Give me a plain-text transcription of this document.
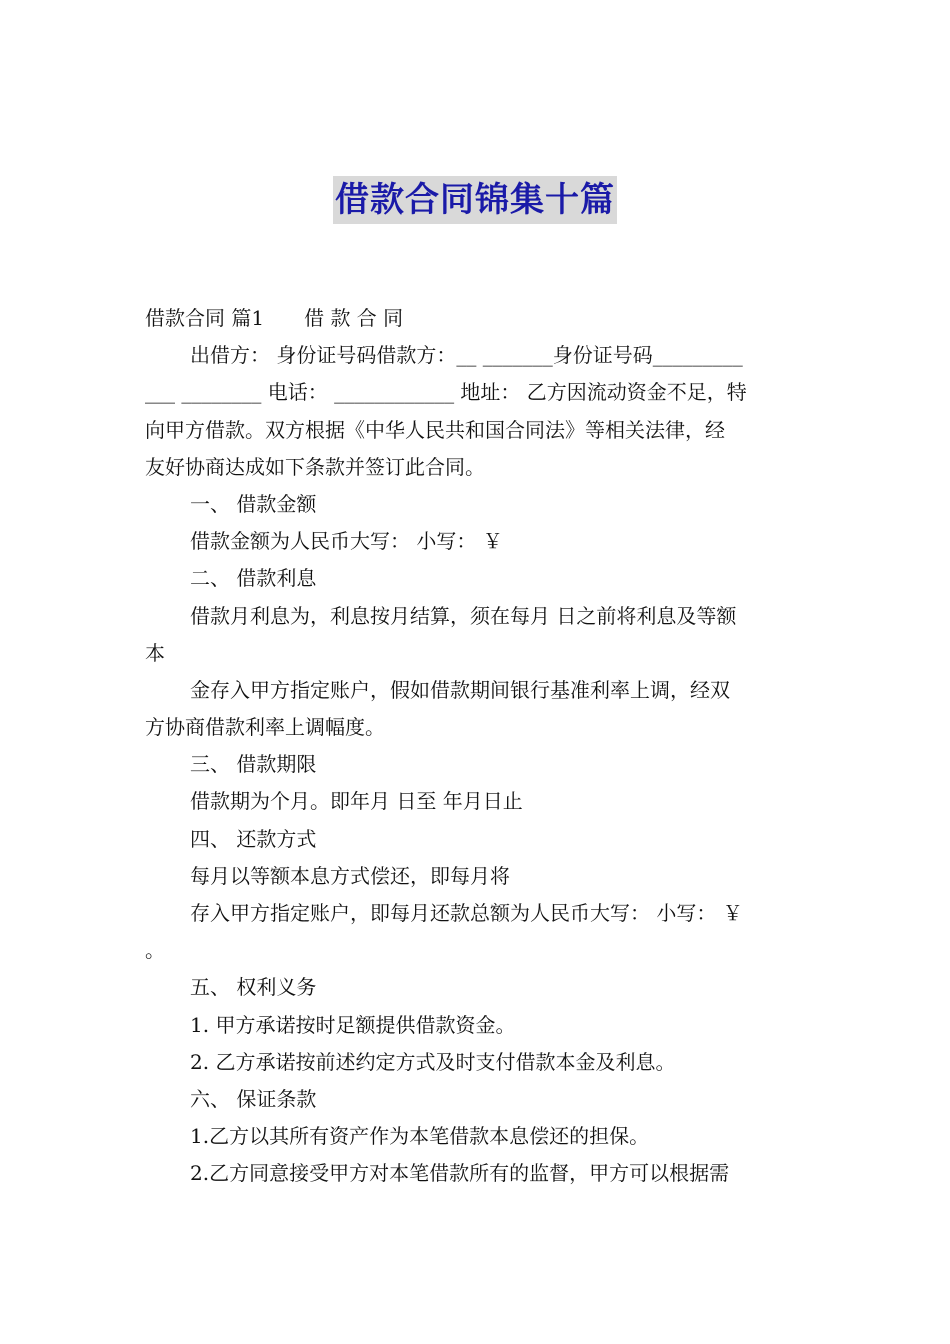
借款合同锦集十篇
借款合同 篇1 借 款 合 同
出借方： 身份证号码借款方：__ _______身份证号码_________
___ ________ 电话： ____________ 地址： 乙方因流动资金不足，特
向甲方借款。双方根据《中华人民共和国合同法》等相关法律，经
友好协商达成如下条款并签订此合同。
一、 借款金额
借款金额为人民币大写： 小写： ￥
二、 借款利息
借款月利息为，利息按月结算，须在每月 日之前将利息及等额
本
金存入甲方指定账户，假如借款期间银行基准利率上调，经双
方协商借款利率上调幅度。
三、 借款期限
借款期为个月。即年月 日至 年月日止
四、 还款方式
每月以等额本息方式偿还，即每月将
存入甲方指定账户，即每月还款总额为人民币大写： 小写： ￥
。
五、 权利义务
1. 甲方承诺按时足额提供借款资金。
2. 乙方承诺按前述约定方式及时支付借款本金及利息。
六、 保证条款
1.乙方以其所有资产作为本笔借款本息偿还的担保。
2.乙方同意接受甲方对本笔借款所有的监督，甲方可以根据需
